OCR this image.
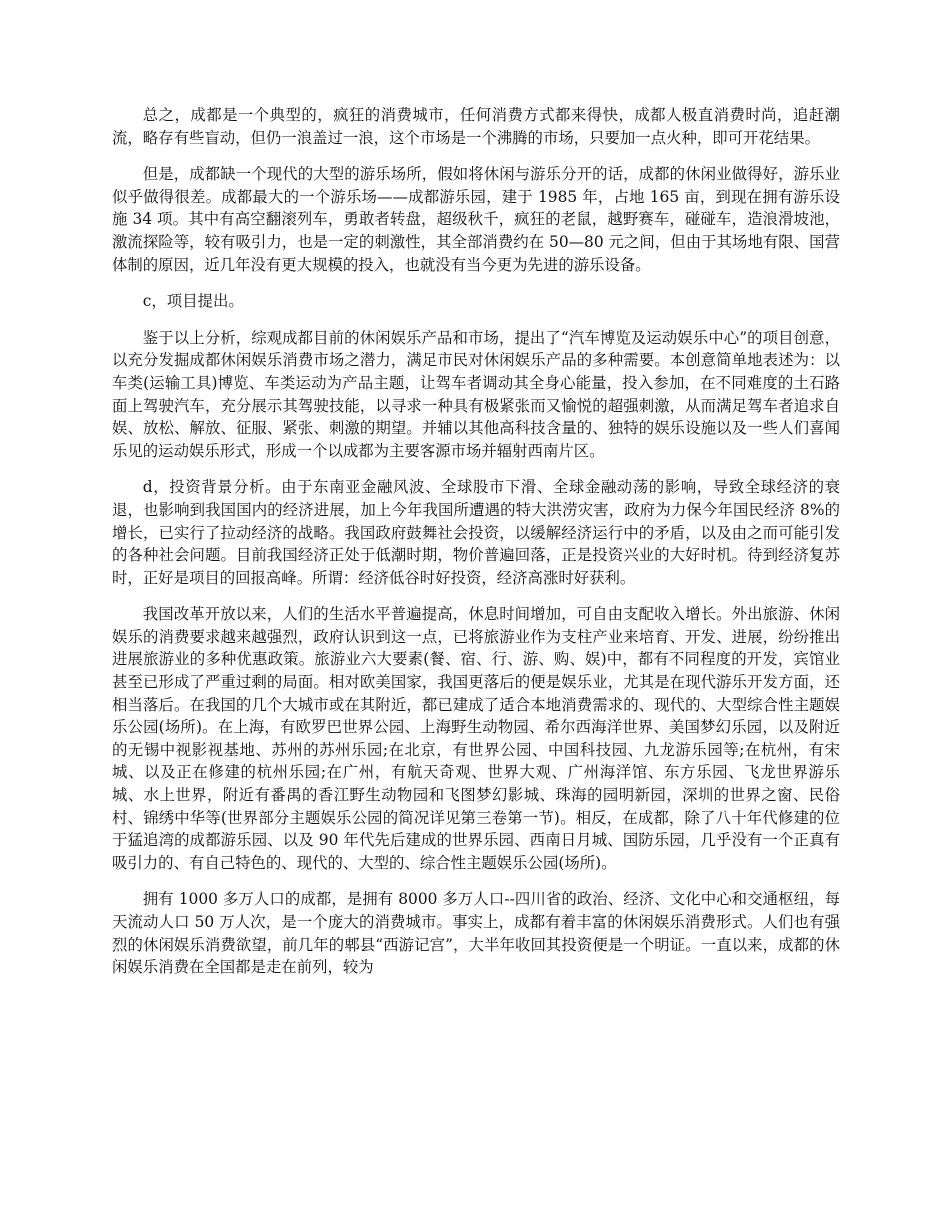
总之，成都是一个典型的，疯狂的消费城市，任何消费方式都来得快，成都人极直消费时尚，追赶潮流，略存有些盲动，但仍一浪盖过一浪，这个市场是一个沸腾的市场，只要加一点火种，即可开花结果。

但是，成都缺一个现代的大型的游乐场所，假如将休闲与游乐分开的话，成都的休闲业做得好，游乐业似乎做得很差。成都最大的一个游乐场——成都游乐园，建于 1985 年，占地 165 亩，到现在拥有游乐设施 34 项。其中有高空翻滚列车，勇敢者转盘，超级秋千，疯狂的老鼠，越野赛车，碰碰车，造浪滑坡池，激流探险等，较有吸引力，也是一定的刺激性，其全部消费约在 50—80 元之间，但由于其场地有限、国营体制的原因，近几年没有更大规模的投入，也就没有当今更为先进的游乐设备。

c，项目提出。

鉴于以上分析，综观成都目前的休闲娱乐产品和市场，提出了“汽车博览及运动娱乐中心”的项目创意，以充分发掘成都休闲娱乐消费市场之潜力，满足市民对休闲娱乐产品的多种需要。本创意简单地表述为：以车类(运输工具)博览、车类运动为产品主题，让驾车者调动其全身心能量，投入参加，在不同难度的土石路面上驾驶汽车，充分展示其驾驶技能，以寻求一种具有极紧张而又愉悦的超强刺激，从而满足驾车者追求自娱、放松、解放、征服、紧张、刺激的期望。并辅以其他高科技含量的、独特的娱乐设施以及一些人们喜闻乐见的运动娱乐形式，形成一个以成都为主要客源市场并辐射西南片区。

d，投资背景分析。由于东南亚金融风波、全球股市下滑、全球金融动荡的影响，导致全球经济的衰退，也影响到我国国内的经济进展，加上今年我国所遭遇的特大洪涝灾害，政府为力保今年国民经济 8%的增长，已实行了拉动经济的战略。我国政府鼓舞社会投资，以缓解经济运行中的矛盾，以及由之而可能引发的各种社会问题。目前我国经济正处于低潮时期，物价普遍回落，正是投资兴业的大好时机。待到经济复苏时，正好是项目的回报高峰。所谓：经济低谷时好投资，经济高涨时好获利。

我国改革开放以来，人们的生活水平普遍提高，休息时间增加，可自由支配收入增长。外出旅游、休闲娱乐的消费要求越来越强烈，政府认识到这一点，已将旅游业作为支柱产业来培育、开发、进展，纷纷推出进展旅游业的多种优惠政策。旅游业六大要素(餐、宿、行、游、购、娱)中，都有不同程度的开发，宾馆业甚至已形成了严重过剩的局面。相对欧美国家，我国更落后的便是娱乐业，尤其是在现代游乐开发方面，还相当落后。在我国的几个大城市或在其附近，都已建成了适合本地消费需求的、现代的、大型综合性主题娱乐公园(场所)。在上海，有欧罗巴世界公园、上海野生动物园、希尔西海洋世界、美国梦幻乐园，以及附近的无锡中视影视基地、苏州的苏州乐园;在北京，有世界公园、中国科技园、九龙游乐园等;在杭州，有宋城、以及正在修建的杭州乐园;在广州，有航天奇观、世界大观、广州海洋馆、东方乐园、飞龙世界游乐城、水上世界，附近有番禺的香江野生动物园和飞图梦幻影城、珠海的园明新园，深圳的世界之窗、民俗村、锦绣中华等(世界部分主题娱乐公园的简况详见第三卷第一节)。相反，在成都，除了八十年代修建的位于猛追湾的成都游乐园、以及 90 年代先后建成的世界乐园、西南日月城、国防乐园，几乎没有一个正真有吸引力的、有自己特色的、现代的、大型的、综合性主题娱乐公园(场所)。

拥有 1000 多万人口的成都，是拥有 8000 多万人口--四川省的政治、经济、文化中心和交通枢纽，每天流动人口 50 万人次，是一个庞大的消费城市。事实上，成都有着丰富的休闲娱乐消费形式。人们也有强烈的休闲娱乐消费欲望，前几年的郫县“西游记宫”，大半年收回其投资便是一个明证。一直以来，成都的休闲娱乐消费在全国都是走在前列，较为
